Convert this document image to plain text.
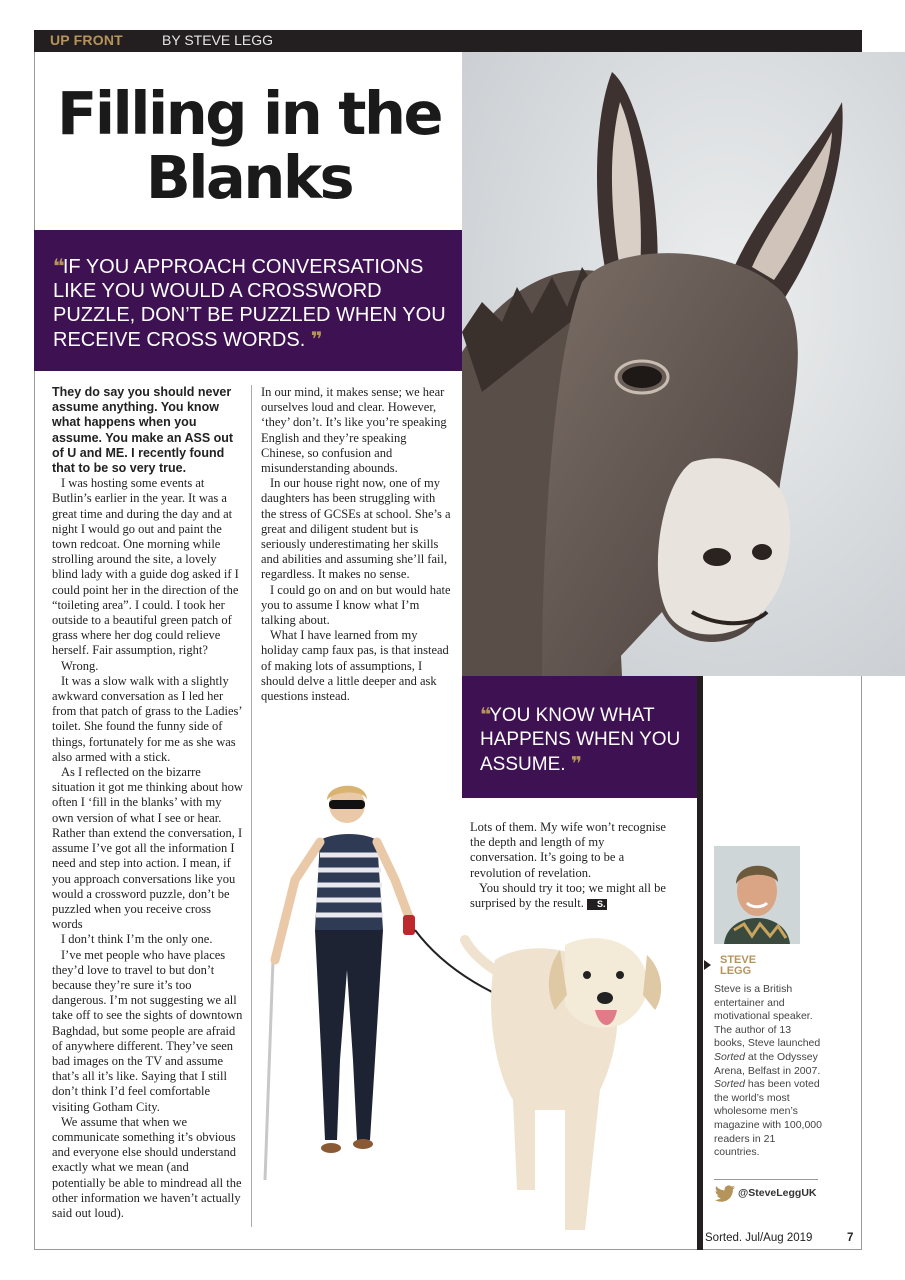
UP FRONT	BY STEVE LEGG
Filling in the
Blanks
❛❛IF YOU APPROACH CONVERSATIONS LIKE YOU WOULD A CROSSWORD PUZZLE, DON’T BE PUZZLED WHEN YOU RECEIVE CROSS WORDS. ❜❜

They do say you should never assume anything. You know what happens when you assume. You make an ASS out of U and ME. I recently found that to be so very true.

I was hosting some events at Butlin’s earlier in the year. It was a great time and during the day and at night I would go out and paint the town redcoat. One morning while strolling around the site, a lovely blind lady with a guide dog asked if I could point her in the direction of the “toileting area”. I could. I took her outside to a beautiful green patch of grass where her dog could relieve herself. Fair assumption, right?

Wrong.

It was a slow walk with a slightly awkward conversation as I led her from that patch of grass to the Ladies’ toilet. She found the funny side of things, fortunately for me as she was also armed with a stick.

As I reflected on the bizarre situation it got me thinking about how often I ‘fill in the blanks’ with my own version of what I see or hear. Rather than extend the conversation, I assume I’ve got all the information I need and step into action. I mean, if you approach conversations like you would a crossword puzzle, don’t be puzzled when you receive cross words

I don’t think I’m the only one.

I’ve met people who have places they’d love to travel to but don’t because they’re sure it’s too dangerous. I’m not suggesting we all take off to see the sights of downtown Baghdad, but some people are afraid of anywhere different. They’ve seen bad images on the TV and assume that’s all it’s like. Saying that I still don’t think I’d feel comfortable visiting Gotham City.

We assume that when we communicate something it’s obvious and everyone else should understand exactly what we mean (and potentially be able to mindread all the other information we haven’t actually said out loud).

In our mind, it makes sense; we hear ourselves loud and clear. However, ‘they’ don’t. It’s like you’re speaking English and they’re speaking Chinese, so confusion and misunderstanding abounds.

In our house right now, one of my daughters has been struggling with the stress of GCSEs at school. She’s a great and diligent student but is seriously underestimating her skills and abilities and assuming she’ll fail, regardless. It makes no sense.

I could go on and on but would hate you to assume I know what I’m talking about.

What I have learned from my holiday camp faux pas, is that instead of making lots of assumptions, I should delve a little deeper and ask questions instead.

❛❛YOU KNOW WHAT HAPPENS WHEN YOU ASSUME. ❜❜

Lots of them. My wife won’t recognise the depth and length of my conversation. It’s going to be a revolution of revelation.

You should try it too; we might all be surprised by the result. S.

STEVE
LEGG
Steve is a British entertainer and motivational speaker. The author of 13 books, Steve launched Sorted at the Odyssey Arena, Belfast in 2007. Sorted has been voted the world’s most wholesome men’s magazine with 100,000 readers in 21 countries.
@SteveLeggUK
Sorted. Jul/Aug 2019	7
